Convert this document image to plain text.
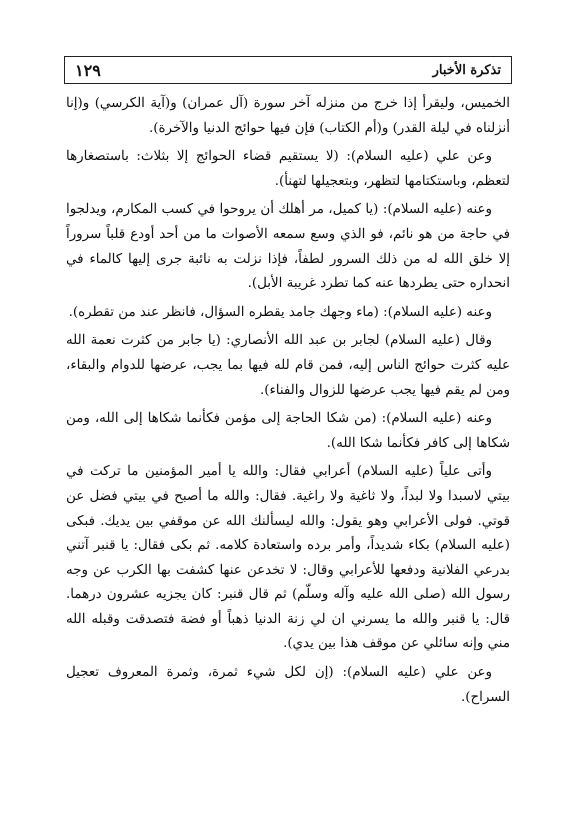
١٢٩	تذكرة الأخبار

الخميس، وليقرأ إذا خرج من منزله آخر سورة (آل عمران) و(آية الكرسي) و(إنا أنزلناه في ليلة القدر) و(أم الكتاب) فإن فيها حوائج الدنيا والآخرة).

وعن علي (عليه السلام): (لا يستقيم قضاء الحوائج إلا بثلاث: باستصغارها لتعظم، وباستكتامها لتظهر، وبتعجيلها لتهنأ).

وعنه (عليه السلام): (يا كميل، مر أهلك أن يروحوا في كسب المكارم، ويدلجوا في حاجة من هو نائم، فو الذي وسع سمعه الأصوات ما من أحد أودع قلباً سروراً إلا خلق الله له من ذلك السرور لطفاً، فإذا نزلت به نائبة جرى إليها كالماء في انحداره حتى يطردها عنه كما تطرد غريبة الأبل).

وعنه (عليه السلام): (ماء وجهك جامد يقطره السؤال، فانظر عند من تقطره).

وقال (عليه السلام) لجابر بن عبد الله الأنصاري: (يا جابر من كثرت نعمة الله عليه كثرت حوائج الناس إليه، فمن قام لله فيها بما يجب، عرضها للدوام والبقاء، ومن لم يقم فيها يجب عرضها للزوال والفناء).

وعنه (عليه السلام): (من شكا الحاجة إلى مؤمن فكأنما شكاها إلى الله، ومن شكاها إلى كافر فكأنما شكا الله).

وأتى علياً (عليه السلام) أعرابي فقال: والله يا أمير المؤمنين ما تركت في بيتي لاسبدا ولا لبداً، ولا ثاغية ولا راغية. فقال: والله ما أصبح في بيتي فضل عن قوتي. فولى الأعرابي وهو يقول: والله ليسألنك الله عن موقفي بين يديك. فبكى (عليه السلام) بكاء شديداً، وأمر برده واستعادة كلامه. ثم بكى فقال: يا قنبر آتني بدرعي الفلانية ودفعها للأعرابي وقال: لا تخدعن عنها كشفت بها الكرب عن وجه رسول الله (صلى الله عليه وآله وسلّم) ثم قال قنبر: كان يجزيه عشرون درهما. قال: يا قنبر والله ما يسرني ان لي زنة الدنيا ذهباً أو فضة فتصدقت وقبله الله مني وإنه سائلي عن موقف هذا بين يدي).

وعن علي (عليه السلام): (إن لكل شيء ثمرة، وثمرة المعروف تعجيل السراح).
